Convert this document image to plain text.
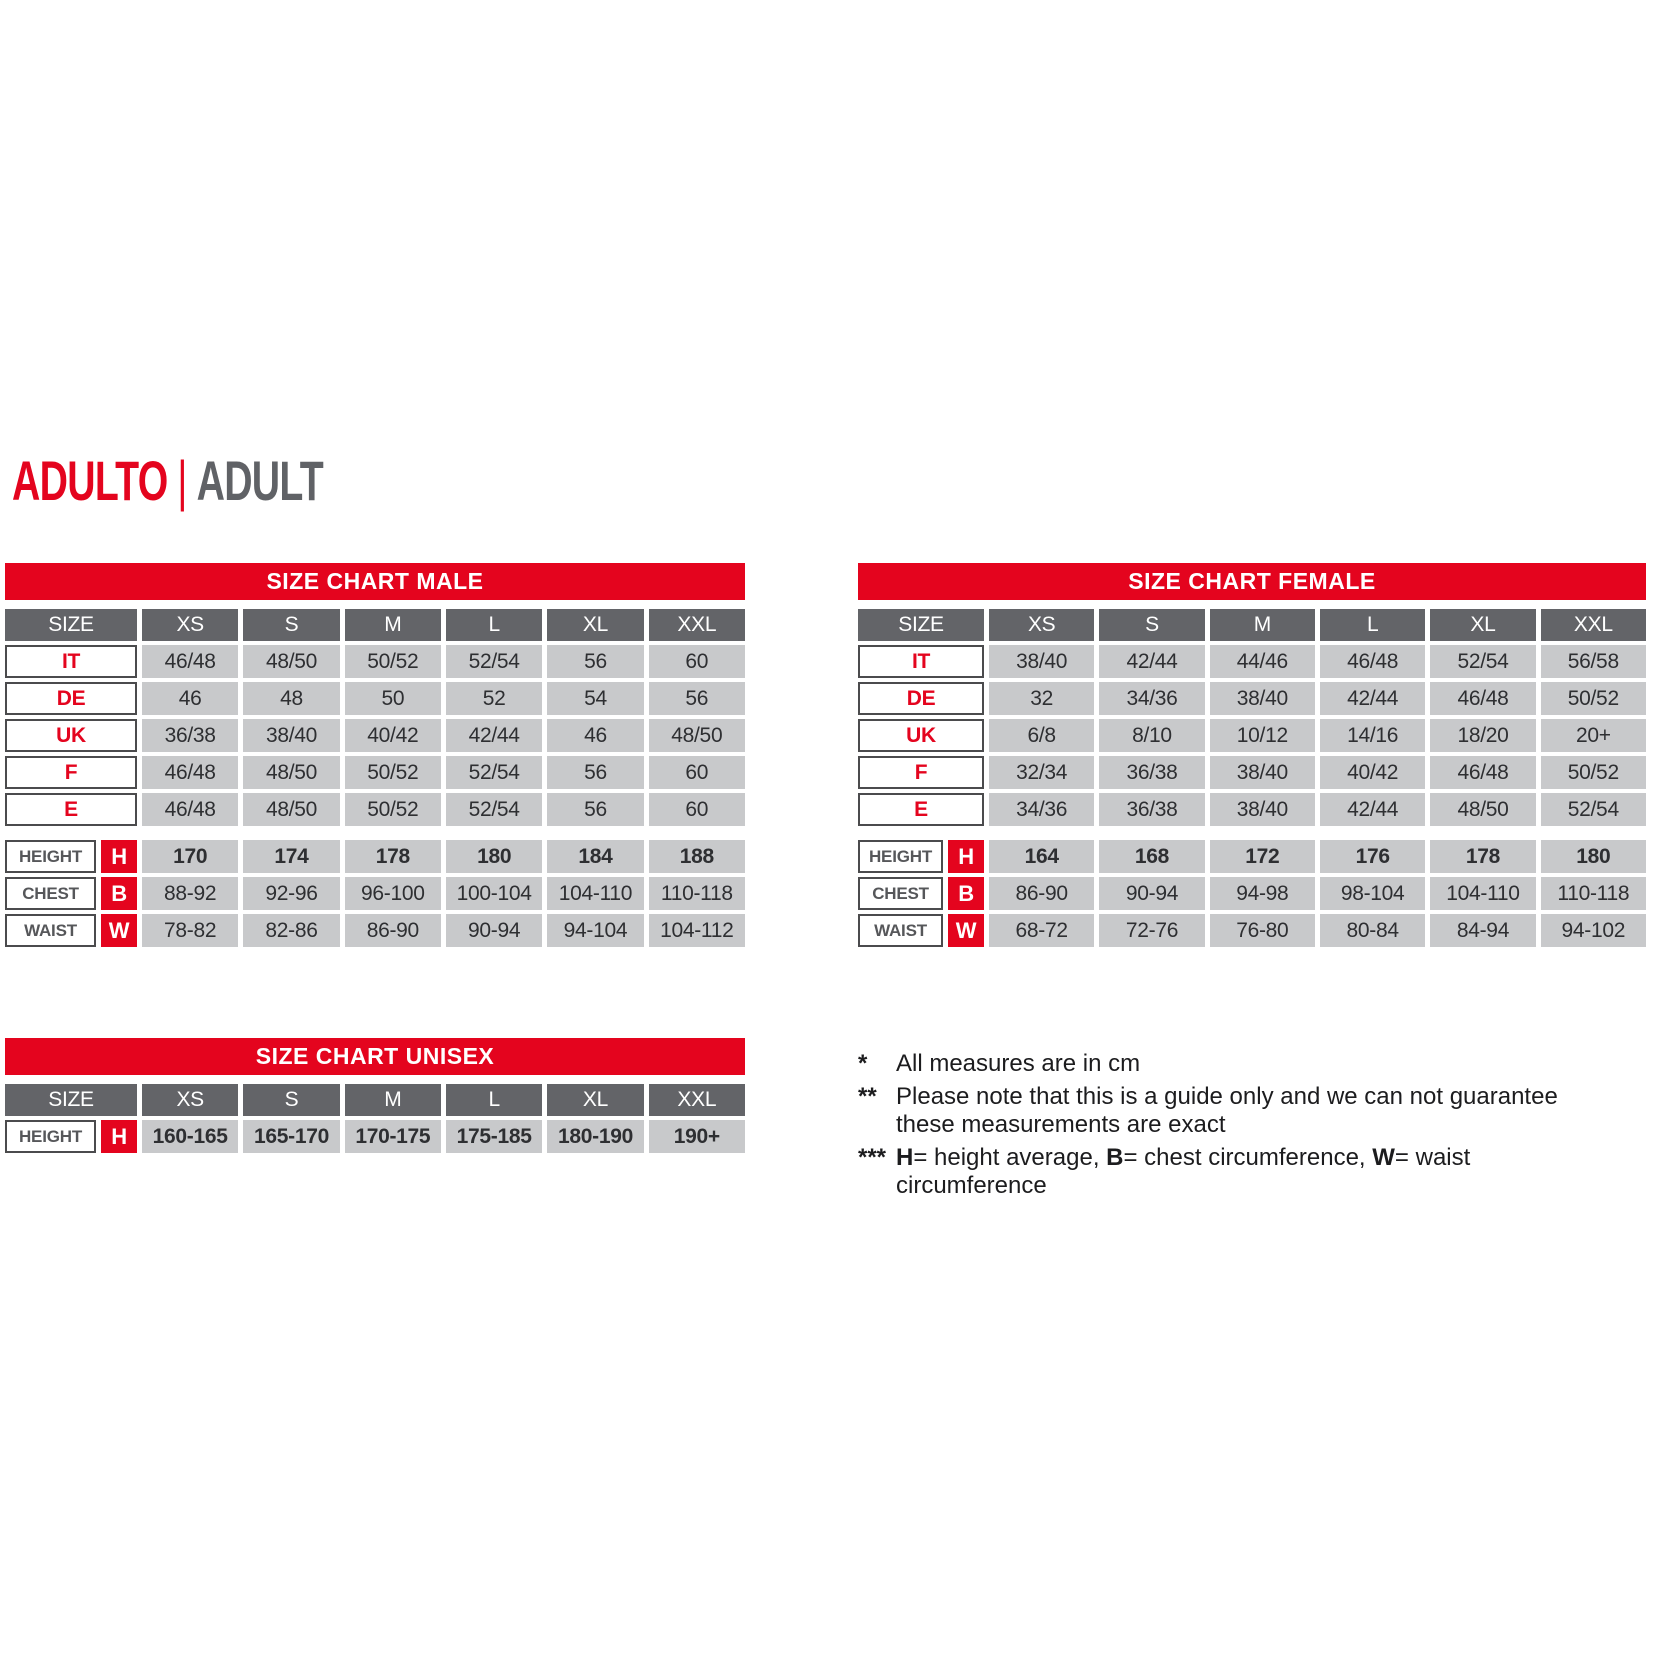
ADULTO | ADULT
SIZE CHART MALE
SIZE	XS	S	M	L	XL	XXL
IT	46/48	48/50	50/52	52/54	56	60
DE	46	48	50	52	54	56
UK	36/38	38/40	40/42	42/44	46	48/50
F	46/48	48/50	50/52	52/54	56	60
E	46/48	48/50	50/52	52/54	56	60
HEIGHT	H	170	174	178	180	184	188
CHEST	B	88-92	92-96	96-100	100-104	104-110	110-118
WAIST	W	78-82	82-86	86-90	90-94	94-104	104-112
SIZE CHART FEMALE
SIZE	XS	S	M	L	XL	XXL
IT	38/40	42/44	44/46	46/48	52/54	56/58
DE	32	34/36	38/40	42/44	46/48	50/52
UK	6/8	8/10	10/12	14/16	18/20	20+
F	32/34	36/38	38/40	40/42	46/48	50/52
E	34/36	36/38	38/40	42/44	48/50	52/54
HEIGHT	H	164	168	172	176	178	180
CHEST	B	86-90	90-94	94-98	98-104	104-110	110-118
WAIST	W	68-72	72-76	76-80	80-84	84-94	94-102
SIZE CHART UNISEX
SIZE	XS	S	M	L	XL	XXL
HEIGHT	H	160-165	165-170	170-175	175-185	180-190	190+
*	All measures are in cm
** Please note that this is a guide only and we can not guarantee these measurements are exact
*** H= height average, B= chest circumference, W= waist circumference
